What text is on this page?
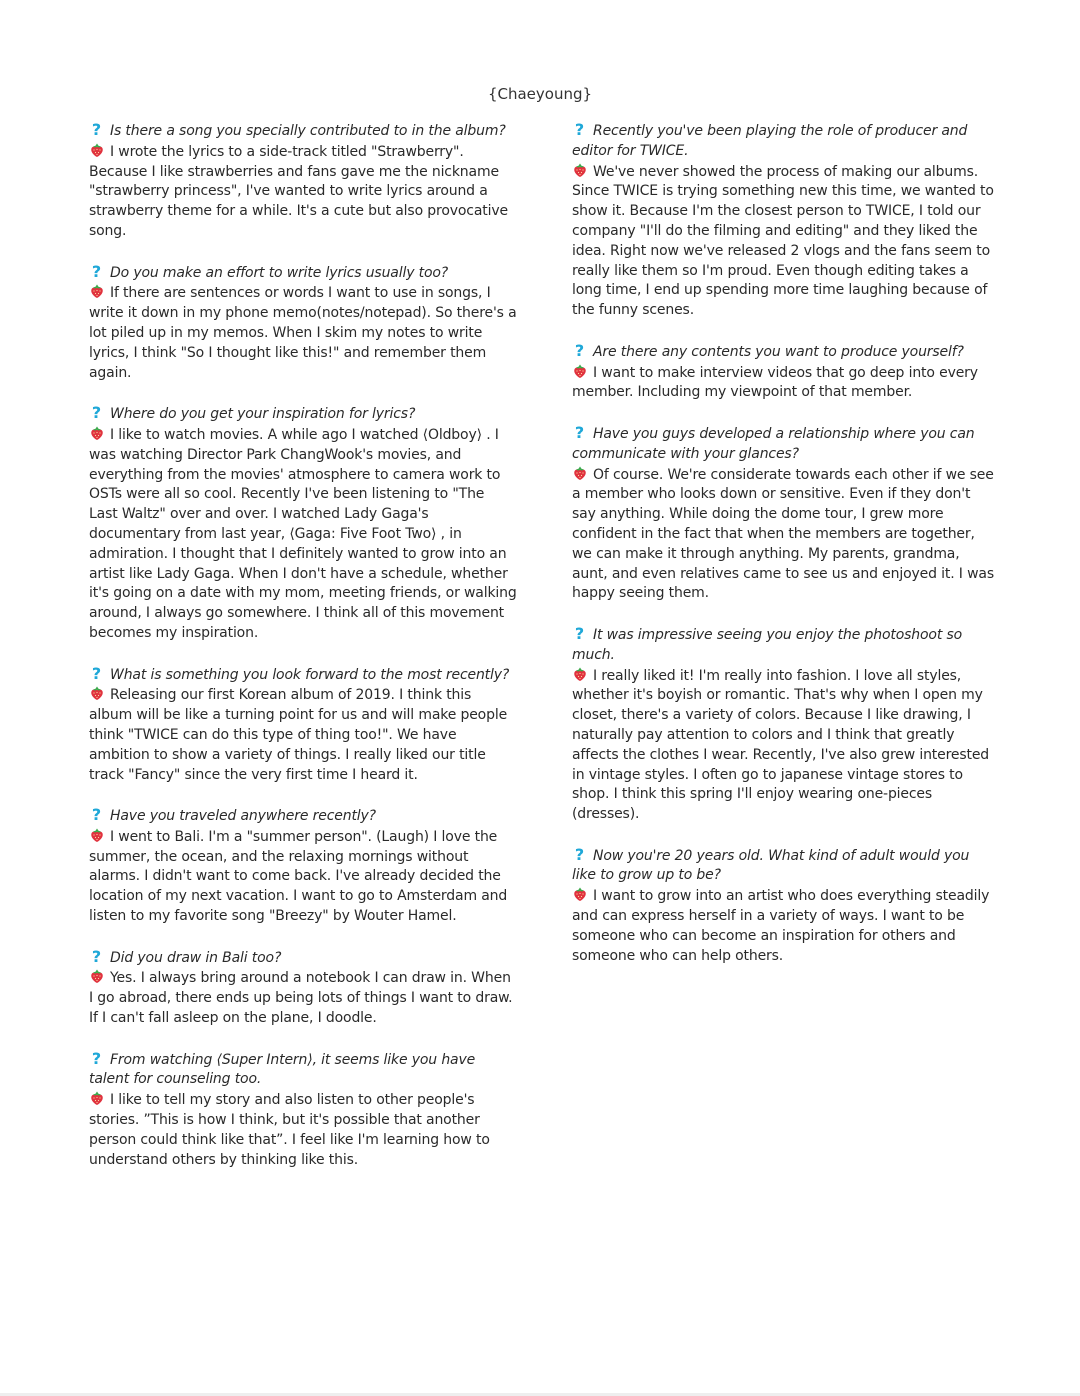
{Chaeyoung}

? Is there a song you specially contributed to in the album?

I wrote the lyrics to a side-track titled "Strawberry". Because I like strawberries and fans gave me the nickname "strawberry princess", I've wanted to write lyrics around a strawberry theme for a while. It's a cute but also provocative song.

? Do you make an effort to write lyrics usually too?

If there are sentences or words I want to use in songs, I write it down in my phone memo(notes/notepad). So there's a lot piled up in my memos. When I skim my notes to write lyrics, I think "So I thought like this!" and remember them again.

? Where do you get your inspiration for lyrics?

I like to watch movies. A while ago I watched ⟨Oldboy⟩ . I was watching Director Park ChangWook's movies, and everything from the movies' atmosphere to camera work to OSTs were all so cool. Recently I've been listening to "The Last Waltz" over and over. I watched Lady Gaga's documentary from last year, ⟨Gaga: Five Foot Two⟩ , in admiration. I thought that I definitely wanted to grow into an artist like Lady Gaga. When I don't have a schedule, whether it's going on a date with my mom, meeting friends, or walking around, I always go somewhere. I think all of this movement becomes my inspiration.

? What is something you look forward to the most recently?

Releasing our first Korean album of 2019. I think this album will be like a turning point for us and will make people think "TWICE can do this type of thing too!". We have ambition to show a variety of things. I really liked our title track "Fancy" since the very first time I heard it.

? Have you traveled anywhere recently?

I went to Bali. I'm a "summer person". (Laugh) I love the summer, the ocean, and the relaxing mornings without alarms. I didn't want to come back. I've already decided the location of my next vacation. I want to go to Amsterdam and listen to my favorite song "Breezy" by Wouter Hamel.

? Did you draw in Bali too?

Yes. I always bring around a notebook I can draw in. When I go abroad, there ends up being lots of things I want to draw. If I can't fall asleep on the plane, I doodle.

? From watching ⟨Super Intern⟩, it seems like you have talent for counseling too.

I like to tell my story and also listen to other people's stories. ”This is how I think, but it's possible that another person could think like that”. I feel like I'm learning how to understand others by thinking like this.

? Recently you've been playing the role of producer and editor for TWICE.

We've never showed the process of making our albums. Since TWICE is trying something new this time, we wanted to show it. Because I'm the closest person to TWICE, I told our company "I'll do the filming and editing" and they liked the idea. Right now we've released 2 vlogs and the fans seem to really like them so I'm proud. Even though editing takes a long time, I end up spending more time laughing because of the funny scenes.

? Are there any contents you want to produce yourself?

I want to make interview videos that go deep into every member. Including my viewpoint of that member.

? Have you guys developed a relationship where you can communicate with your glances?

Of course. We're considerate towards each other if we see a member who looks down or sensitive. Even if they don't say anything. While doing the dome tour, I grew more confident in the fact that when the members are together, we can make it through anything. My parents, grandma, aunt, and even relatives came to see us and enjoyed it. I was happy seeing them.

? It was impressive seeing you enjoy the photoshoot so much.

I really liked it! I'm really into fashion. I love all styles, whether it's boyish or romantic. That's why when I open my closet, there's a variety of colors. Because I like drawing, I naturally pay attention to colors and I think that greatly affects the clothes I wear. Recently, I've also grew interested in vintage styles. I often go to japanese vintage stores to shop. I think this spring I'll enjoy wearing one-pieces (dresses).

? Now you're 20 years old. What kind of adult would you like to grow up to be?

I want to grow into an artist who does everything steadily and can express herself in a variety of ways. I want to be someone who can become an inspiration for others and someone who can help others.
